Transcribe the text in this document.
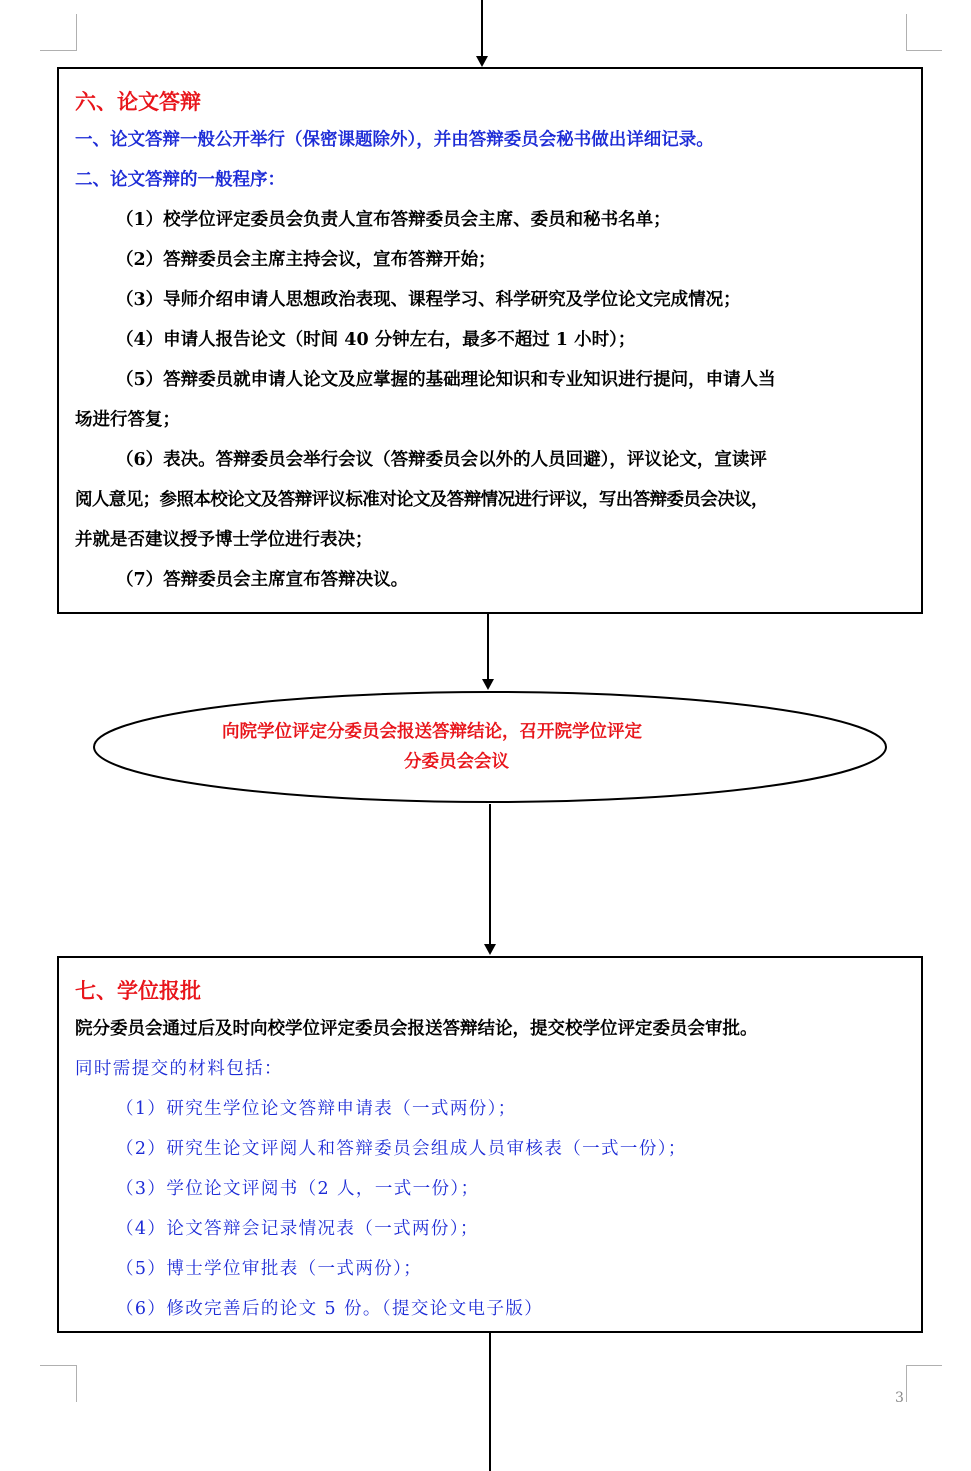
六、论文答辩
一、论文答辩一般公开举行（保密课题除外），并由答辩委员会秘书做出详细记录。
二、论文答辩的一般程序：
（1）校学位评定委员会负责人宣布答辩委员会主席、委员和秘书名单；
（2）答辩委员会主席主持会议，宣布答辩开始；
（3）导师介绍申请人思想政治表现、课程学习、科学研究及学位论文完成情况；
（4）申请人报告论文（时间 40 分钟左右，最多不超过 1 小时）；
（5）答辩委员就申请人论文及应掌握的基础理论知识和专业知识进行提问，申请人当
场进行答复；
（6）表决。答辩委员会举行会议（答辩委员会以外的人员回避），评议论文，宣读评
阅人意见；参照本校论文及答辩评议标准对论文及答辩情况进行评议，写出答辩委员会决议，
并就是否建议授予博士学位进行表决；
（7）答辩委员会主席宣布答辩决议。
向院学位评定分委员会报送答辩结论，召开院学位评定
分委员会会议
七、学位报批
院分委员会通过后及时向校学位评定委员会报送答辩结论，提交校学位评定委员会审批。
同时需提交的材料包括：
（1）研究生学位论文答辩申请表（一式两份）；
（2）研究生论文评阅人和答辩委员会组成人员审核表（一式一份）；
（3）学位论文评阅书（2 人，一式一份）；
（4）论文答辩会记录情况表（一式两份）；
（5）博士学位审批表（一式两份）；
（6）修改完善后的论文 5 份。（提交论文电子版）
3
